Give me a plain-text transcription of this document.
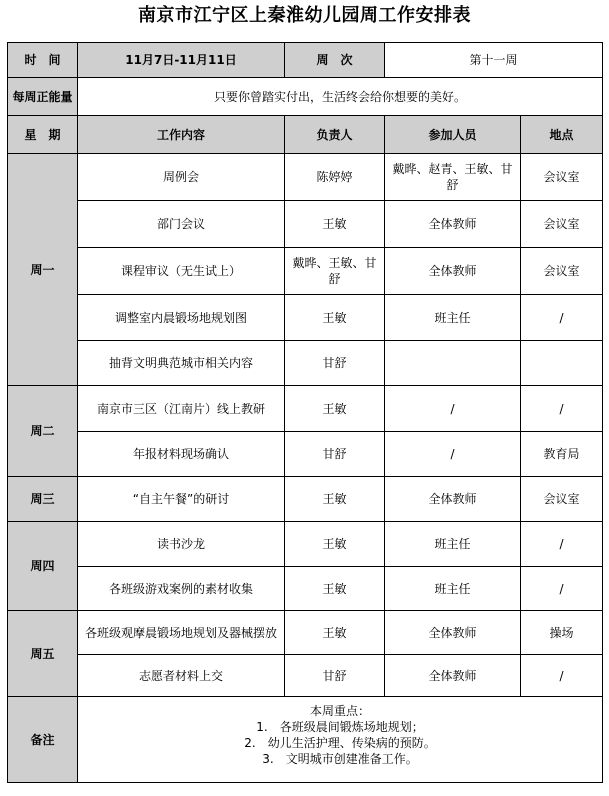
南京市江宁区上秦淮幼儿园周工作安排表
时　间	11月7日-11月11日	周　次	第十一周	
每周正能量	只要你曾踏实付出，生活终会给你想要的美好。			
星　期	工作内容	负责人	参加人员	地点
周一	周例会	陈婷婷	戴晔、赵青、王敏、甘舒	会议室
	部门会议	王敏	全体教师	会议室
	课程审议（无生试上）	戴晔、王敏、甘舒	全体教师	会议室
	调整室内晨锻场地规划图	王敏	班主任	/
	抽背文明典范城市相关内容	甘舒		
周二	南京市三区（江南片）线上教研	王敏	/	/
	年报材料现场确认	甘舒	/	教育局
周三	“自主午餐”的研讨	王敏	全体教师	会议室
周四	读书沙龙	王敏	班主任	/
	各班级游戏案例的素材收集	王敏	班主任	/
周五	各班级观摩晨锻场地规划及器械摆放	王敏	全体教师	操场
	志愿者材料上交	甘舒	全体教师	/
备注	本周重点：
1.　各班级晨间锻炼场地规划；
2.　幼儿生活护理、传染病的预防。
3.　文明城市创建准备工作。			
